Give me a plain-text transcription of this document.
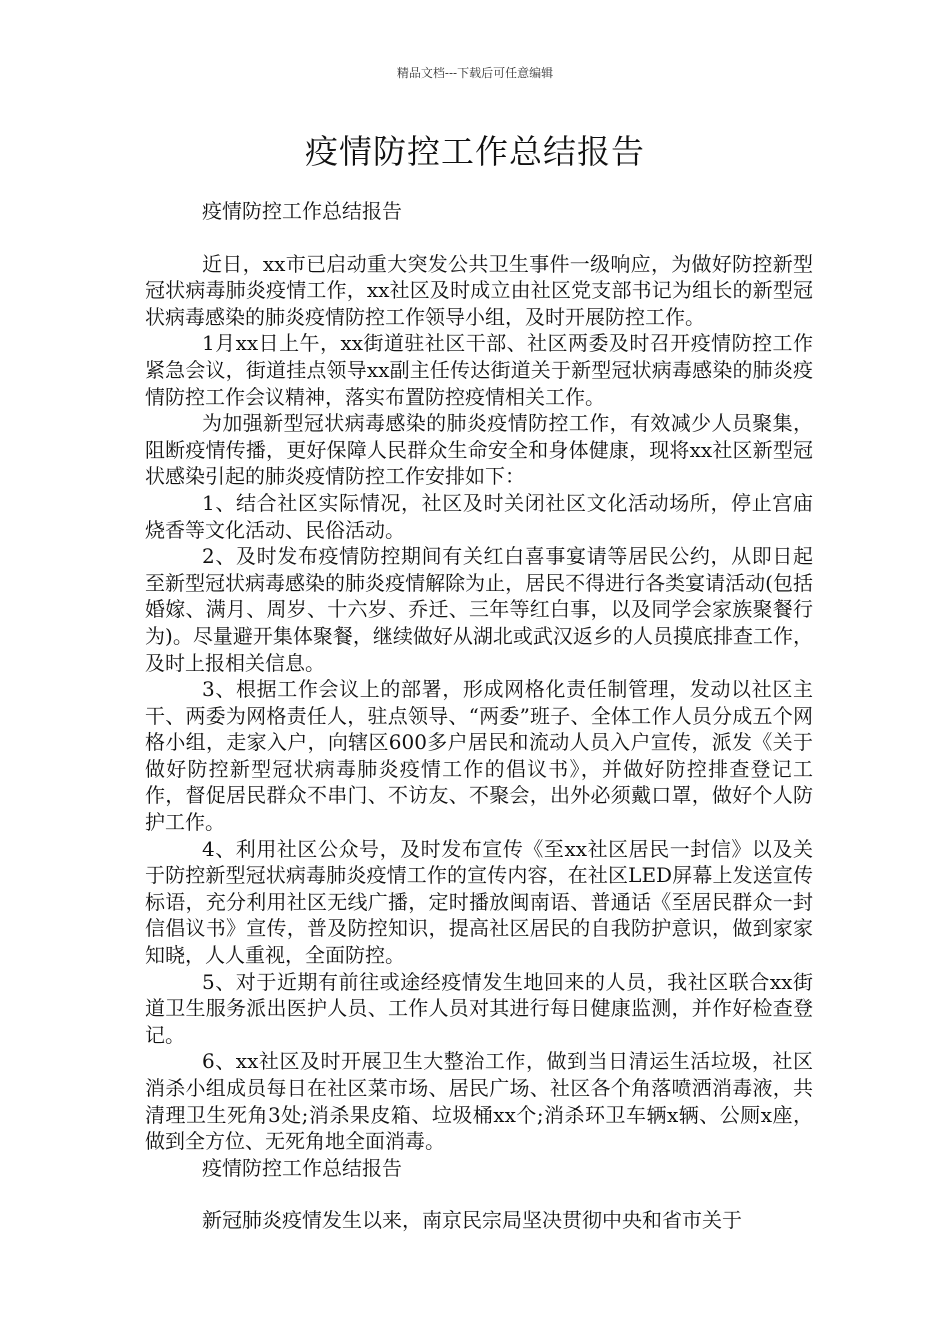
精品文档---下载后可任意编辑
疫情防控工作总结报告

疫情防控工作总结报告

近日，xx市已启动重大突发公共卫生事件一级响应，为做好防控新型冠状病毒肺炎疫情工作，xx社区及时成立由社区党支部书记为组长的新型冠状病毒感染的肺炎疫情防控工作领导小组，及时开展防控工作。

1月xx日上午，xx街道驻社区干部、社区两委及时召开疫情防控工作紧急会议，街道挂点领导xx副主任传达街道关于新型冠状病毒感染的肺炎疫情防控工作会议精神，落实布置防控疫情相关工作。

为加强新型冠状病毒感染的肺炎疫情防控工作，有效减少人员聚集，阻断疫情传播，更好保障人民群众生命安全和身体健康，现将xx社区新型冠状感染引起的肺炎疫情防控工作安排如下：

1、结合社区实际情况，社区及时关闭社区文化活动场所，停止宫庙烧香等文化活动、民俗活动。

2、及时发布疫情防控期间有关红白喜事宴请等居民公约，从即日起至新型冠状病毒感染的肺炎疫情解除为止，居民不得进行各类宴请活动(包括婚嫁、满月、周岁、十六岁、乔迁、三年等红白事，以及同学会家族聚餐行为)。尽量避开集体聚餐，继续做好从湖北或武汉返乡的人员摸底排查工作，及时上报相关信息。

3、根据工作会议上的部署，形成网格化责任制管理，发动以社区主干、两委为网格责任人，驻点领导、“两委”班子、全体工作人员分成五个网格小组，走家入户，向辖区600多户居民和流动人员入户宣传，派发《关于做好防控新型冠状病毒肺炎疫情工作的倡议书》，并做好防控排查登记工作，督促居民群众不串门、不访友、不聚会，出外必须戴口罩，做好个人防护工作。

4、利用社区公众号，及时发布宣传《至xx社区居民一封信》以及关于防控新型冠状病毒肺炎疫情工作的宣传内容，在社区LED屏幕上发送宣传标语，充分利用社区无线广播，定时播放闽南语、普通话《至居民群众一封信倡议书》宣传，普及防控知识，提高社区居民的自我防护意识，做到家家知晓，人人重视，全面防控。

5、对于近期有前往或途经疫情发生地回来的人员，我社区联合xx街道卫生服务派出医护人员、工作人员对其进行每日健康监测，并作好检查登记。

6、xx社区及时开展卫生大整治工作，做到当日清运生活垃圾，社区消杀小组成员每日在社区菜市场、居民广场、社区各个角落喷洒消毒液，共清理卫生死角3处;消杀果皮箱、垃圾桶xx个;消杀环卫车辆x辆、公厕x座，做到全方位、无死角地全面消毒。

疫情防控工作总结报告

新冠肺炎疫情发生以来，南京民宗局坚决贯彻中央和省市关于
